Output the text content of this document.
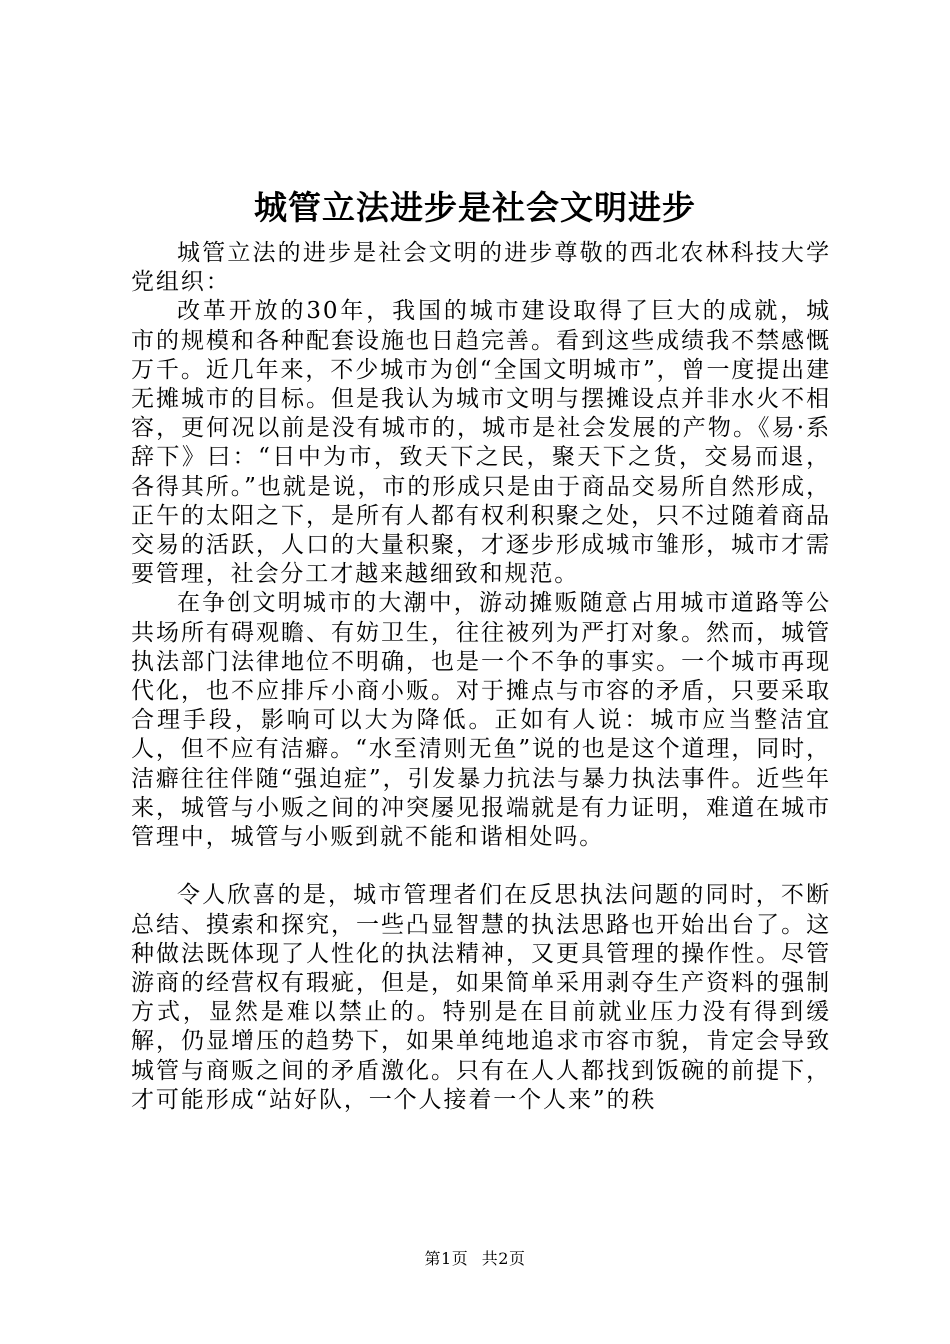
城管立法进步是社会文明进步

城管立法的进步是社会文明的进步尊敬的西北农林科技大学党组织：

改革开放的30年，我国的城市建设取得了巨大的成就，城市的规模和各种配套设施也日趋完善。看到这些成绩我不禁感慨万千。近几年来，不少城市为创“全国文明城市”，曾一度提出建无摊城市的目标。但是我认为城市文明与摆摊设点并非水火不相容，更何况以前是没有城市的，城市是社会发展的产物。《易·系辞下》曰：“日中为市，致天下之民，聚天下之货，交易而退，各得其所。”也就是说，市的形成只是由于商品交易所自然形成，正午的太阳之下，是所有人都有权利积聚之处，只不过随着商品交易的活跃，人口的大量积聚，才逐步形成城市雏形，城市才需要管理，社会分工才越来越细致和规范。

在争创文明城市的大潮中，游动摊贩随意占用城市道路等公共场所有碍观瞻、有妨卫生，往往被列为严打对象。然而，城管执法部门法律地位不明确，也是一个不争的事实。一个城市再现代化，也不应排斥小商小贩。对于摊点与市容的矛盾，只要采取合理手段，影响可以大为降低。正如有人说：城市应当整洁宜人，但不应有洁癖。“水至清则无鱼”说的也是这个道理，同时，洁癖往往伴随“强迫症”，引发暴力抗法与暴力执法事件。近些年来，城管与小贩之间的冲突屡见报端就是有力证明，难道在城市管理中，城管与小贩到就不能和谐相处吗。

令人欣喜的是，城市管理者们在反思执法问题的同时，不断总结、摸索和探究，一些凸显智慧的执法思路也开始出台了。这种做法既体现了人性化的执法精神，又更具管理的操作性。尽管游商的经营权有瑕疵，但是，如果简单采用剥夺生产资料的强制方式，显然是难以禁止的。特别是在目前就业压力没有得到缓解，仍显增压的趋势下，如果单纯地追求市容市貌，肯定会导致城管与商贩之间的矛盾激化。只有在人人都找到饭碗的前提下，才可能形成“站好队，一个人接着一个人来”的秩

第1页 共2页
